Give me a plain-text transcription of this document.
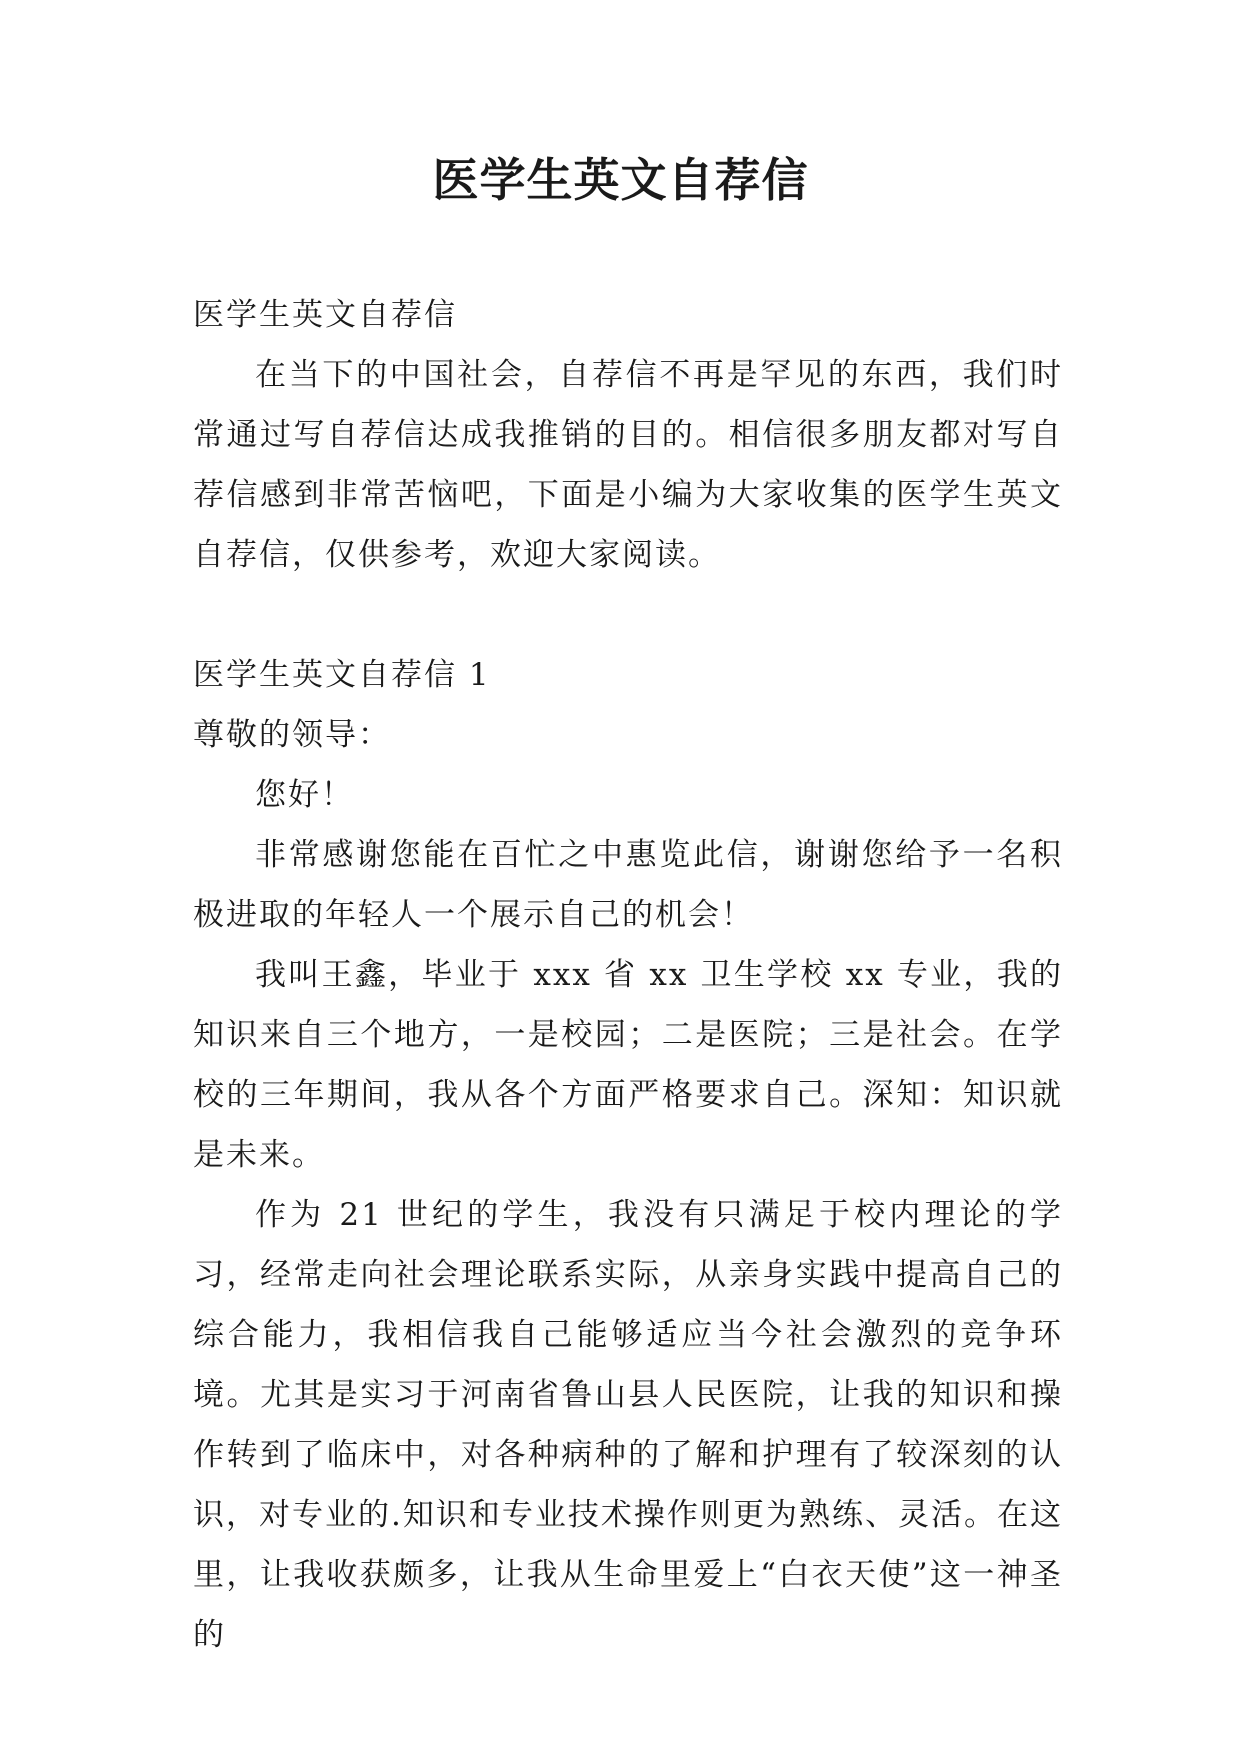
医学生英文自荐信

医学生英文自荐信

在当下的中国社会，自荐信不再是罕见的东西，我们时常通过写自荐信达成我推销的目的。相信很多朋友都对写自荐信感到非常苦恼吧，下面是小编为大家收集的医学生英文自荐信，仅供参考，欢迎大家阅读。

医学生英文自荐信 1

尊敬的领导：

您好！

非常感谢您能在百忙之中惠览此信，谢谢您给予一名积极进取的年轻人一个展示自己的机会！

我叫王鑫，毕业于 xxx 省 xx 卫生学校 xx 专业，我的知识来自三个地方，一是校园；二是医院；三是社会。在学校的三年期间，我从各个方面严格要求自己。深知：知识就是未来。

作为 21 世纪的学生，我没有只满足于校内理论的学习，经常走向社会理论联系实际，从亲身实践中提高自己的综合能力，我相信我自己能够适应当今社会激烈的竞争环境。尤其是实习于河南省鲁山县人民医院，让我的知识和操作转到了临床中，对各种病种的了解和护理有了较深刻的认识，对专业的.知识和专业技术操作则更为熟练、灵活。在这里，让我收获颇多，让我从生命里爱上“白衣天使”这一神圣的
